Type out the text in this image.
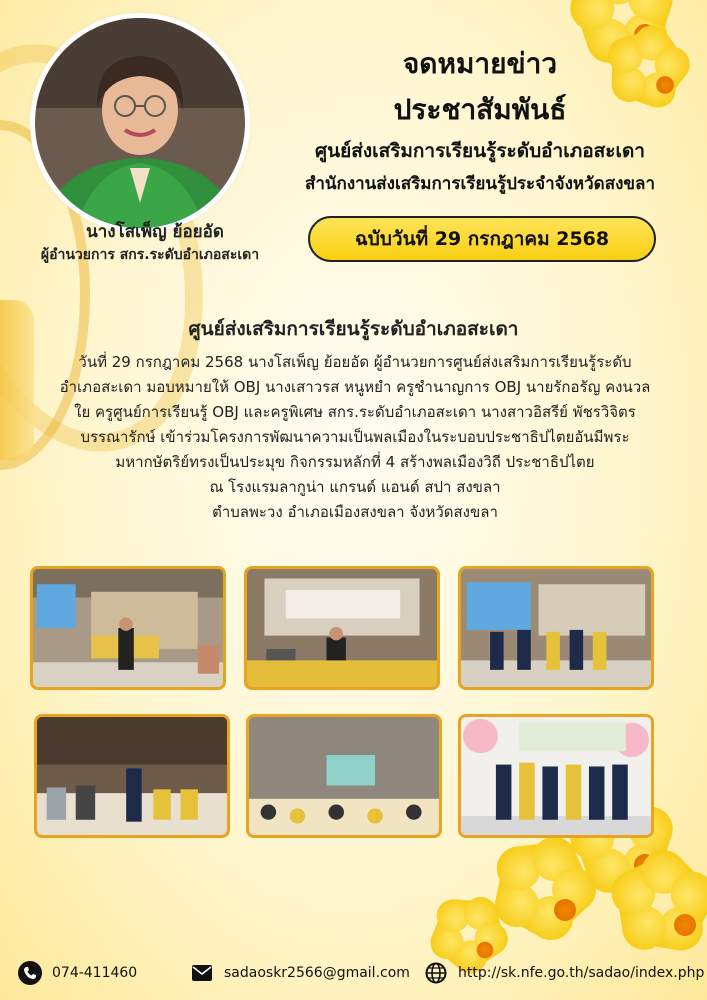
นางโสเพ็ญ ย้อยอัด
ผู้อำนวยการ สกร.ระดับอำเภอสะเดา
จดหมายข่าว
ประชาสัมพันธ์
ศูนย์ส่งเสริมการเรียนรู้ระดับอำเภอสะเดา
สำนักงานส่งเสริมการเรียนรู้ประจำจังหวัดสงขลา
ฉบับวันที่ 29 กรกฎาคม 2568
ศูนย์ส่งเสริมการเรียนรู้ระดับอำเภอสะเดา
วันที่ 29 กรกฎาคม 2568 นางโสเพ็ญ ย้อยอัด ผู้อำนวยการศูนย์ส่งเสริมการเรียนรู้ระดับ
อำเภอสะเดา มอบหมายให้ OBJ นางเสาวรส หนูหยำ ครูชำนาญการ OBJ นายรักอรัญ คงนวล
ใย ครูศูนย์การเรียนรู้ OBJ และครูพิเศษ สกร.ระดับอำเภอสะเดา นางสาวอิสรีย์ พัชรวิจิตร
บรรณารักษ์ เข้าร่วมโครงการพัฒนาความเป็นพลเมืองในระบอบประชาธิปไตยอันมีพระ
มหากษัตริย์ทรงเป็นประมุข กิจกรรมหลักที่ 4 สร้างพลเมืองวิถี ประชาธิปไตย
ณ โรงแรมลากูน่า แกรนด์ แอนด์ สปา สงขลา
ตำบลพะวง อำเภอเมืองสงขลา จังหวัดสงขลา
074-411460	sadaoskr2566@gmail.com	http://sk.nfe.go.th/sadao/index.php
